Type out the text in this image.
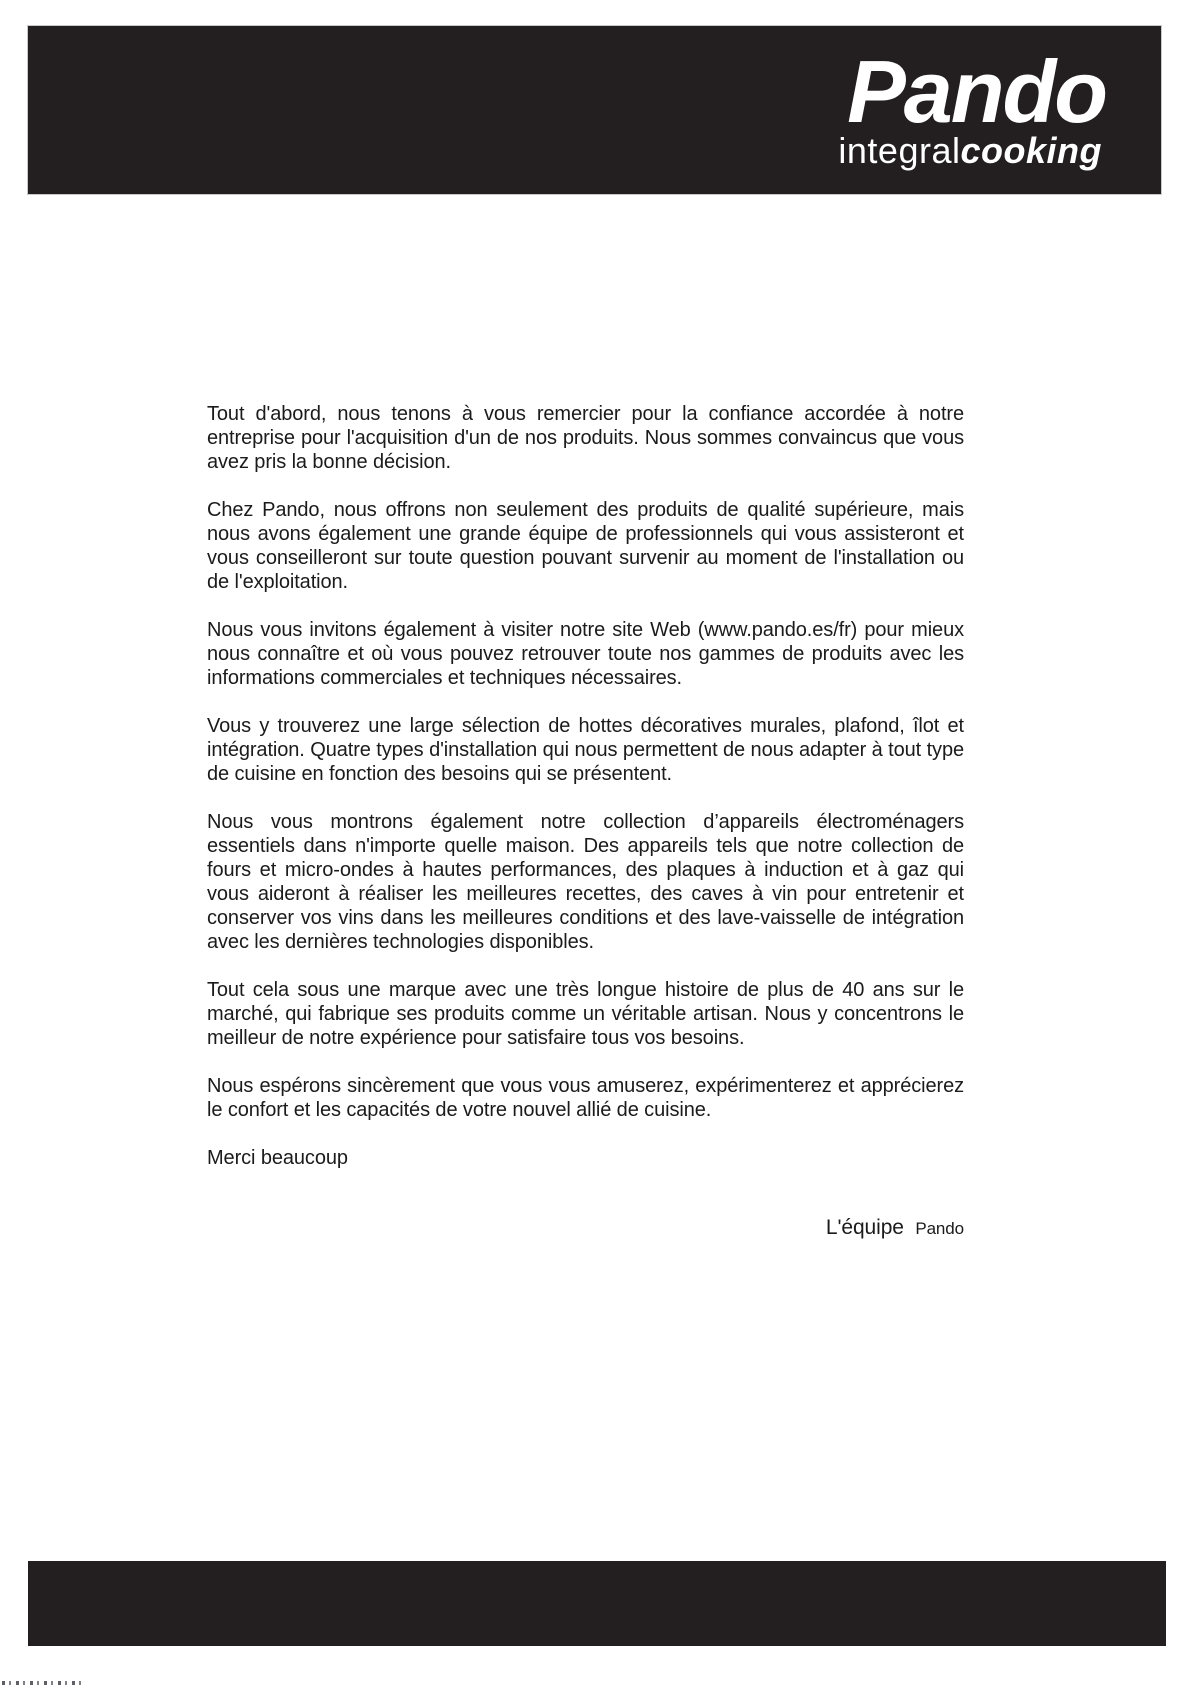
Pando
integralcooking

Tout d'abord, nous tenons à vous remercier pour la confiance accordée à notre entreprise pour l'acquisition d'un de nos produits. Nous sommes convaincus que vous avez pris la bonne décision.

Chez Pando, nous offrons non seulement des produits de qualité supérieure, mais nous avons également une grande équipe de professionnels qui vous assisteront et vous conseilleront sur toute question pouvant survenir au moment de l'installation ou de l'exploitation.

Nous vous invitons également à visiter notre site Web (www.pando.es/fr) pour mieux nous connaître et où vous pouvez retrouver toute nos gammes de produits avec les informations commerciales et techniques nécessaires.

Vous y trouverez une large sélection de hottes décoratives murales, plafond, îlot et intégration. Quatre types d'installation qui nous permettent de nous adapter à tout type de cuisine en fonction des besoins qui se présentent.

Nous vous montrons également notre collection d’appareils électroménagers essentiels dans n'importe quelle maison. Des appareils tels que notre collection de fours et micro-ondes à hautes performances, des plaques à induction et à gaz qui vous aideront à réaliser les meilleures recettes, des caves à vin pour entretenir et conserver vos vins dans les meilleures conditions et des lave-vaisselle de intégration avec les dernières technologies disponibles.

Tout cela sous une marque avec une très longue histoire de plus de 40 ans sur le marché, qui fabrique ses produits comme un véritable artisan. Nous y concentrons le meilleur de notre expérience pour satisfaire tous vos besoins.

Nous espérons sincèrement que vous vous amuserez, expérimenterez et apprécierez le confort et les capacités de votre nouvel allié de cuisine.

Merci beaucoup

L'équipe Pando
